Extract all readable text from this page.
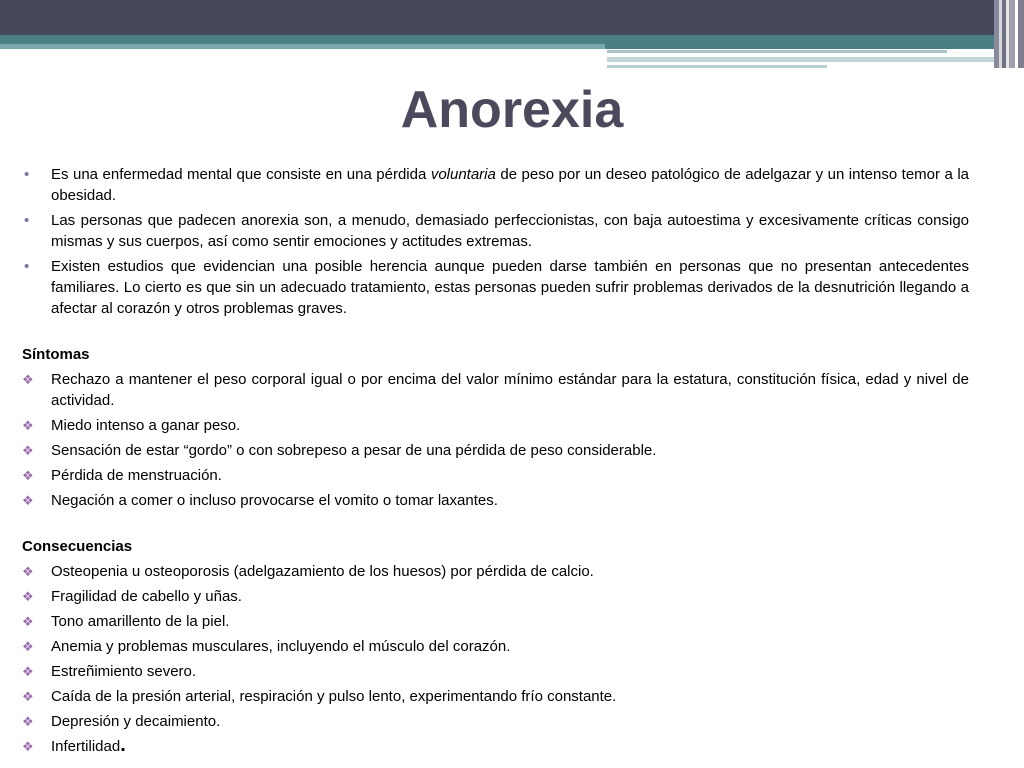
Anorexia
• Es una enfermedad mental que consiste en una pérdida voluntaria de peso por un deseo patológico de adelgazar y un intenso temor a la obesidad.
• Las personas que padecen anorexia son, a menudo, demasiado perfeccionistas, con baja autoestima y excesivamente críticas consigo mismas y sus cuerpos, así como sentir emociones y actitudes extremas.
• Existen estudios que evidencian una posible herencia aunque pueden darse también en personas que no presentan antecedentes familiares. Lo cierto es que sin un adecuado tratamiento, estas personas pueden sufrir problemas derivados de la desnutrición llegando a afectar al corazón y otros problemas graves.
Síntomas
❖ Rechazo a mantener el peso corporal igual o por encima del valor mínimo estándar para la estatura, constitución física, edad y nivel de actividad.
❖ Miedo intenso a ganar peso.
❖ Sensación de estar “gordo” o con sobrepeso a pesar de una pérdida de peso considerable.
❖ Pérdida de menstruación.
❖ Negación a comer o incluso provocarse el vomito o tomar laxantes.
Consecuencias
❖ Osteopenia u osteoporosis (adelgazamiento de los huesos) por pérdida de calcio.
❖ Fragilidad de cabello y uñas.
❖ Tono amarillento de la piel.
❖ Anemia y problemas musculares, incluyendo el músculo del corazón.
❖ Estreñimiento severo.
❖ Caída de la presión arterial, respiración y pulso lento, experimentando frío constante.
❖ Depresión y decaimiento.
❖ Infertilidad.
